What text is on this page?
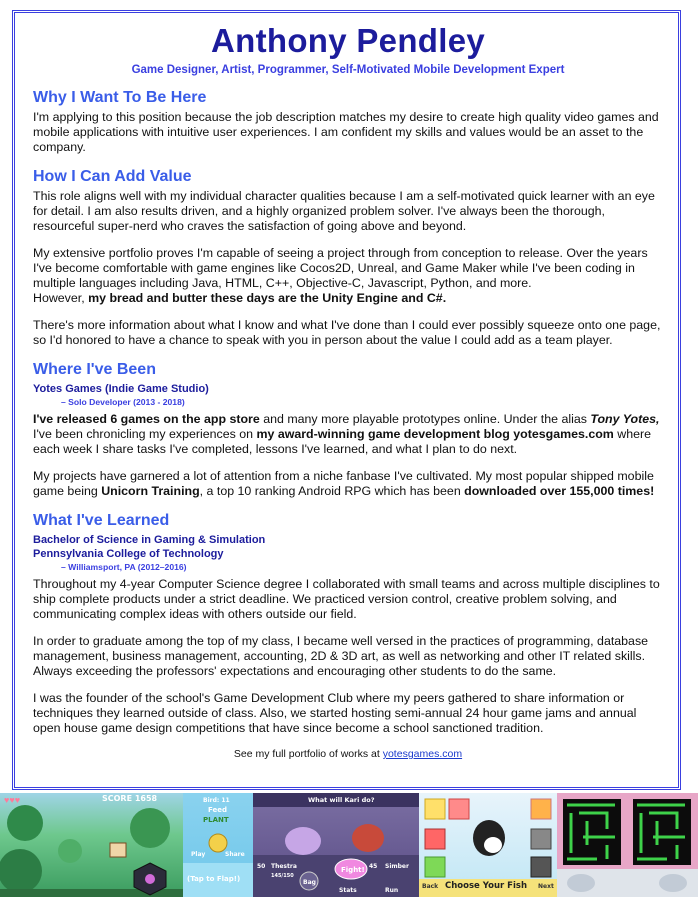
Anthony Pendley
Game Designer, Artist, Programmer, Self-Motivated Mobile Development Expert
Why I Want To Be Here

I'm applying to this position because the job description matches my desire to create high quality video games and mobile applications with intuitive user experiences. I am confident my skills and values would be an asset to the company.

How I Can Add Value

This role aligns well with my individual character qualities because I am a self-motivated quick learner with an eye for detail. I am also results driven, and a highly organized problem solver. I've always been the thorough, resourceful super-nerd who craves the satisfaction of going above and beyond.

My extensive portfolio proves I'm capable of seeing a project through from conception to release. Over the years I've become comfortable with game engines like Cocos2D, Unreal, and Game Maker while I've been coding in multiple languages including Java, HTML, C++, Objective-C, Javascript, Python, and more.
However, my bread and butter these days are the Unity Engine and C#.

There's more information about what I know and what I've done than I could ever possibly squeeze onto one page, so I'd honored to have a chance to speak with you in person about the value I could add as a team player.

Where I've Been
Yotes Games (Indie Game Studio)
– Solo Developer (2013 - 2018)

I've released 6 games on the app store and many more playable prototypes online. Under the alias Tony Yotes, I've been chronicling my experiences on my award-winning game development blog yotesgames.com where each week I share tasks I've completed, lessons I've learned, and what I plan to do next.

My projects have garnered a lot of attention from a niche fanbase I've cultivated. My most popular shipped mobile game being Unicorn Training, a top 10 ranking Android RPG which has been downloaded over 155,000 times!

What I've Learned
Bachelor of Science in Gaming & Simulation
Pennsylvania College of Technology
– Williamsport, PA (2012–2016)

Throughout my 4-year Computer Science degree I collaborated with small teams and across multiple disciplines to ship complete products under a strict deadline. We practiced version control, creative problem solving, and communicating complex ideas with others outside our field.

In order to graduate among the top of my class, I became well versed in the practices of programming, database management, business management, accounting, 2D & 3D art, as well as networking and other IT related skills. Always exceeding the professors' expectations and encouraging other students to do the same.

I was the founder of the school's Game Development Club where my peers gathered to share information or techniques they learned outside of class. Also, we started hosting semi-annual 24 hour game jams and annual open house game design competitions that have since become a school sanctioned tradition.

See my full portfolio of works at yotesgames.com
♥♥♥	SCORE 1658	Bird: 11
Feed
PLANT
Play	Share
(Tap to Flap!)
What will Kari do?
Fight!
Bag
Stats	Run
50 Thestra
145/150
45 Simber
Back Choose Your Fish Next
